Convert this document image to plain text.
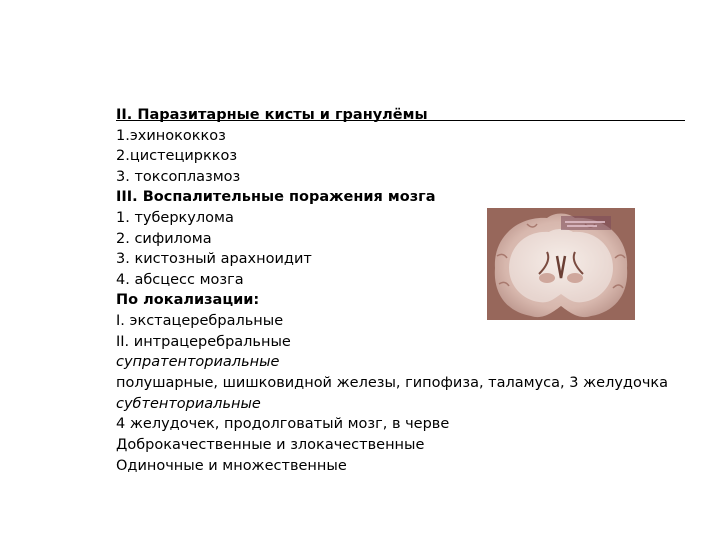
II. Паразитарные кисты и гранулёмы
1.эхинококкоз
2.цистецирккоз
3. токсоплазмоз
III. Воспалительные поражения мозга
1. туберкулома
2. сифилома
3. кистозный арахноидит
4. абсцесс мозга
По локализации:
I. экстацеребральные
II. интрацеребральные
супратенториальные
полушарные, шишковидной железы, гипофиза, таламуса, 3 желудочка
субтенториальные
4 желудочек, продолговатый мозг, в черве
Доброкачественные и злокачественные
Одиночные и множественные
